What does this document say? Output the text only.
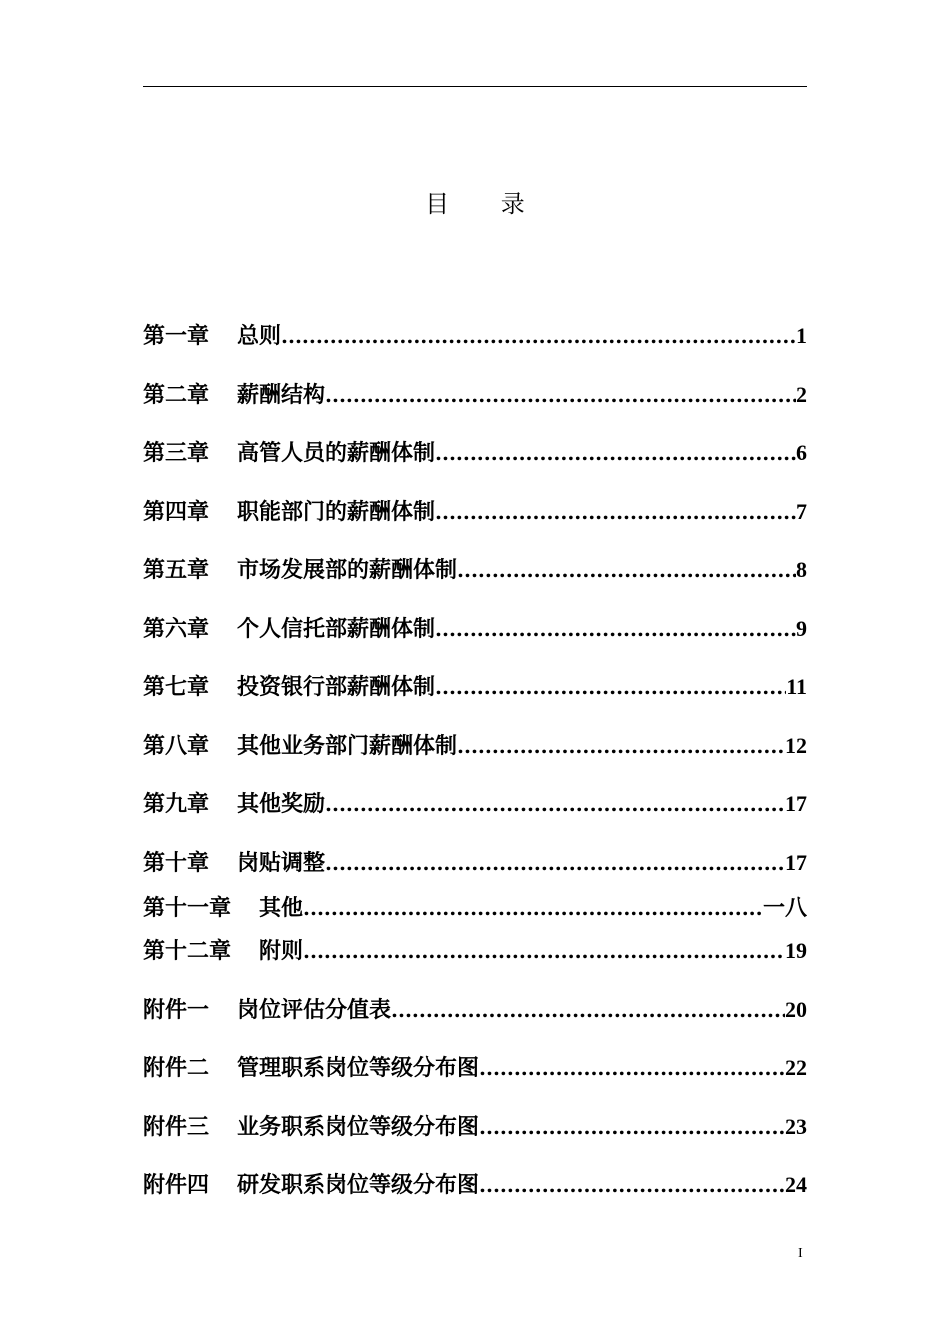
目 录
第一章 总则 .....	1
第二章 薪酬结构 .....	2
第三章 高管人员的薪酬体制 .....	6
第四章 职能部门的薪酬体制 .....	7
第五章 市场发展部的薪酬体制 .....	8
第六章 个人信托部薪酬体制 .....	9
第七章 投资银行部薪酬体制 .....	11
第八章 其他业务部门薪酬体制 .....	12
第九章 其他奖励 .....	17
第十章 岗贴调整 .....	17
第十一章 其他 .....	一八
第十二章 附则 .....	19
附件一 岗位评估分值表 .....	20
附件二 管理职系岗位等级分布图 .....	22
附件三 业务职系岗位等级分布图 .....	23
附件四 研发职系岗位等级分布图 .....	24
I
